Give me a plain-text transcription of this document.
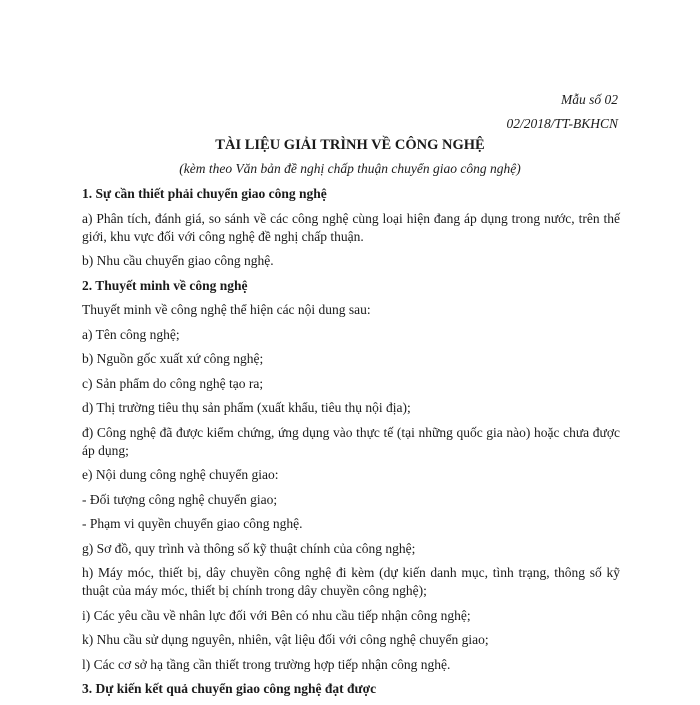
Mẫu số 02
02/2018/TT-BKHCN
TÀI LIỆU GIẢI TRÌNH VỀ CÔNG NGHỆ
(kèm theo Văn bản đề nghị chấp thuận chuyển giao công nghệ)

1. Sự cần thiết phải chuyển giao công nghệ

a) Phân tích, đánh giá, so sánh về các công nghệ cùng loại hiện đang áp dụng trong nước, trên thế giới, khu vực đối với công nghệ đề nghị chấp thuận.

b) Nhu cầu chuyển giao công nghệ.

2. Thuyết minh về công nghệ

Thuyết minh về công nghệ thể hiện các nội dung sau:

a) Tên công nghệ;

b) Nguồn gốc xuất xứ công nghệ;

c) Sản phẩm do công nghệ tạo ra;

d) Thị trường tiêu thụ sản phẩm (xuất khẩu, tiêu thụ nội địa);

đ) Công nghệ đã được kiểm chứng, ứng dụng vào thực tế (tại những quốc gia nào) hoặc chưa được áp dụng;

e) Nội dung công nghệ chuyển giao:

- Đối tượng công nghệ chuyển giao;

- Phạm vi quyền chuyển giao công nghệ.

g) Sơ đồ, quy trình và thông số kỹ thuật chính của công nghệ;

h) Máy móc, thiết bị, dây chuyền công nghệ đi kèm (dự kiến danh mục, tình trạng, thông số kỹ thuật của máy móc, thiết bị chính trong dây chuyền công nghệ);

i) Các yêu cầu về nhân lực đối với Bên có nhu cầu tiếp nhận công nghệ;

k) Nhu cầu sử dụng nguyên, nhiên, vật liệu đối với công nghệ chuyển giao;

l) Các cơ sở hạ tầng cần thiết trong trường hợp tiếp nhận công nghệ.

3. Dự kiến kết quả chuyển giao công nghệ đạt được
